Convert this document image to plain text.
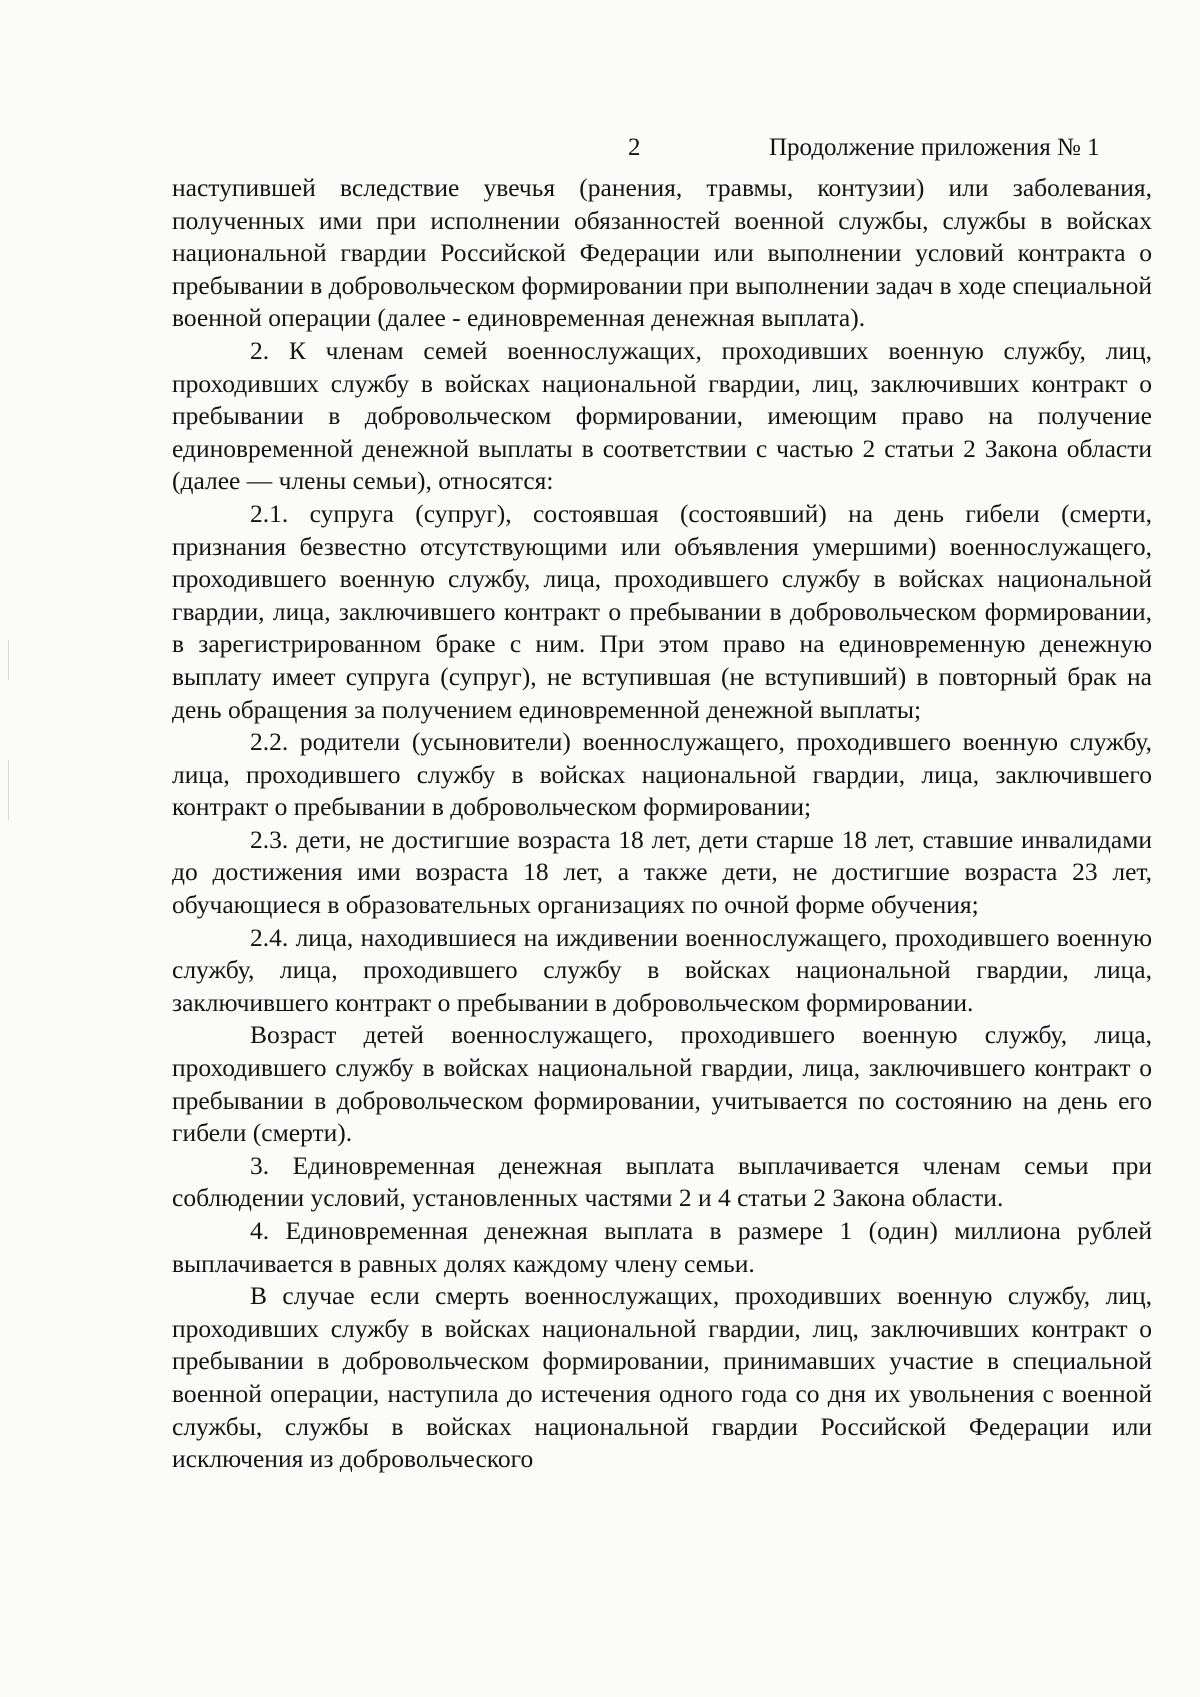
2	Продолжение приложения № 1

наступившей вследствие увечья (ранения, травмы, контузии) или заболевания, полученных ими при исполнении обязанностей военной службы, службы в войсках национальной гвардии Российской Федерации или выполнении условий контракта о пребывании в добровольческом формировании при выполнении задач в ходе специальной военной операции (далее - единовременная денежная выплата).

2. К членам семей военнослужащих, проходивших военную службу, лиц, проходивших службу в войсках национальной гвардии, лиц, заключивших контракт о пребывании в добровольческом формировании, имеющим право на получение единовременной денежной выплаты в соответствии с частью 2 статьи 2 Закона области (далее — члены семьи), относятся:

2.1. супруга (супруг), состоявшая (состоявший) на день гибели (смерти, признания безвестно отсутствующими или объявления умершими) военнослужащего, проходившего военную службу, лица, проходившего службу в войсках национальной гвардии, лица, заключившего контракт о пребывании в добровольческом формировании, в зарегистрированном браке с ним. При этом право на единовременную денежную выплату имеет супруга (супруг), не вступившая (не вступивший) в повторный брак на день обращения за получением единовременной денежной выплаты;

2.2. родители (усыновители) военнослужащего, проходившего военную службу, лица, проходившего службу в войсках национальной гвардии, лица, заключившего контракт о пребывании в добровольческом формировании;

2.3. дети, не достигшие возраста 18 лет, дети старше 18 лет, ставшие инвалидами до достижения ими возраста 18 лет, а также дети, не достигшие возраста 23 лет, обучающиеся в образовательных организациях по очной форме обучения;

2.4. лица, находившиеся на иждивении военнослужащего, проходившего военную службу, лица, проходившего службу в войсках национальной гвардии, лица, заключившего контракт о пребывании в добровольческом формировании.

Возраст детей военнослужащего, проходившего военную службу, лица, проходившего службу в войсках национальной гвардии, лица, заключившего контракт о пребывании в добровольческом формировании, учитывается по состоянию на день его гибели (смерти).

3. Единовременная денежная выплата выплачивается членам семьи при соблюдении условий, установленных частями 2 и 4 статьи 2 Закона области.

4. Единовременная денежная выплата в размере 1 (один) миллиона рублей выплачивается в равных долях каждому члену семьи.

В случае если смерть военнослужащих, проходивших военную службу, лиц, проходивших службу в войсках национальной гвардии, лиц, заключивших контракт о пребывании в добровольческом формировании, принимавших участие в специальной военной операции, наступила до истечения одного года со дня их увольнения с военной службы, службы в войсках национальной гвардии Российской Федерации или исключения из добровольческого
